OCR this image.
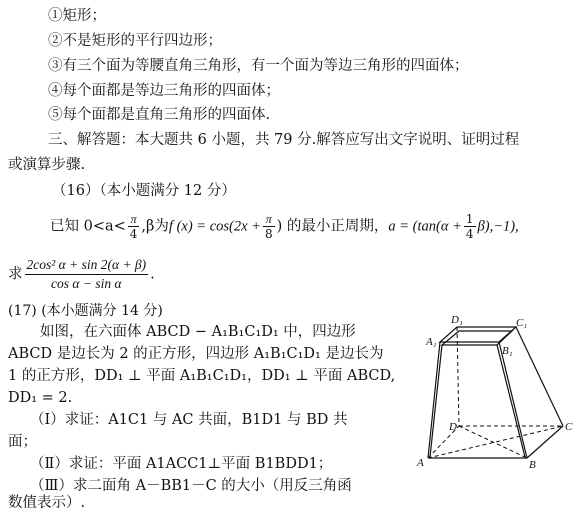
①矩形；
②不是矩形的平行四边形；
③有三个面为等腰直角三角形，有一个面为等边三角形的四面体；
④每个面都是等边三角形的四面体；
⑤每个面都是直角三角形的四面体.
三、解答题：本大题共 6 小题，共 79 分.解答应写出文字说明、证明过程
或演算步骤.
（16）（本小题满分 12 分）
已知 $0<a< \frac{\pi}{4} ,\beta$为f $(x) = \cos(2x + \frac{\pi}{8}$ ) 的最小正周期，$a = (\tan(\alpha + \frac{1}{4} \beta),-1)$,
求 $\frac{\text{2cos² α + sin 2(α + β)}}{\text{cos α − sin α}}$ .
(17) (本小题满分 14 分)
如图，在六面体 ABCD − A₁B₁C₁D₁ 中，四边形
ABCD 是边长为 2 的正方形，四边形 A₁B₁C₁D₁ 是边长为
1 的正方形，DD₁ ⊥ 平面 A₁B₁C₁D₁，DD₁ ⊥ 平面 ABCD,
DD₁ = 2.
（Ⅰ）求证：A1C1 与 AC 共面，B1D1 与 BD 共
面；
（Ⅱ）求证：平面 A1ACC1⊥平面 B1BDD1；
（Ⅲ）求二面角 A－BB1－C 的大小（用反三角函
数值表示）.
D₁	C₁
A₁
B₁
D	C
A	B
